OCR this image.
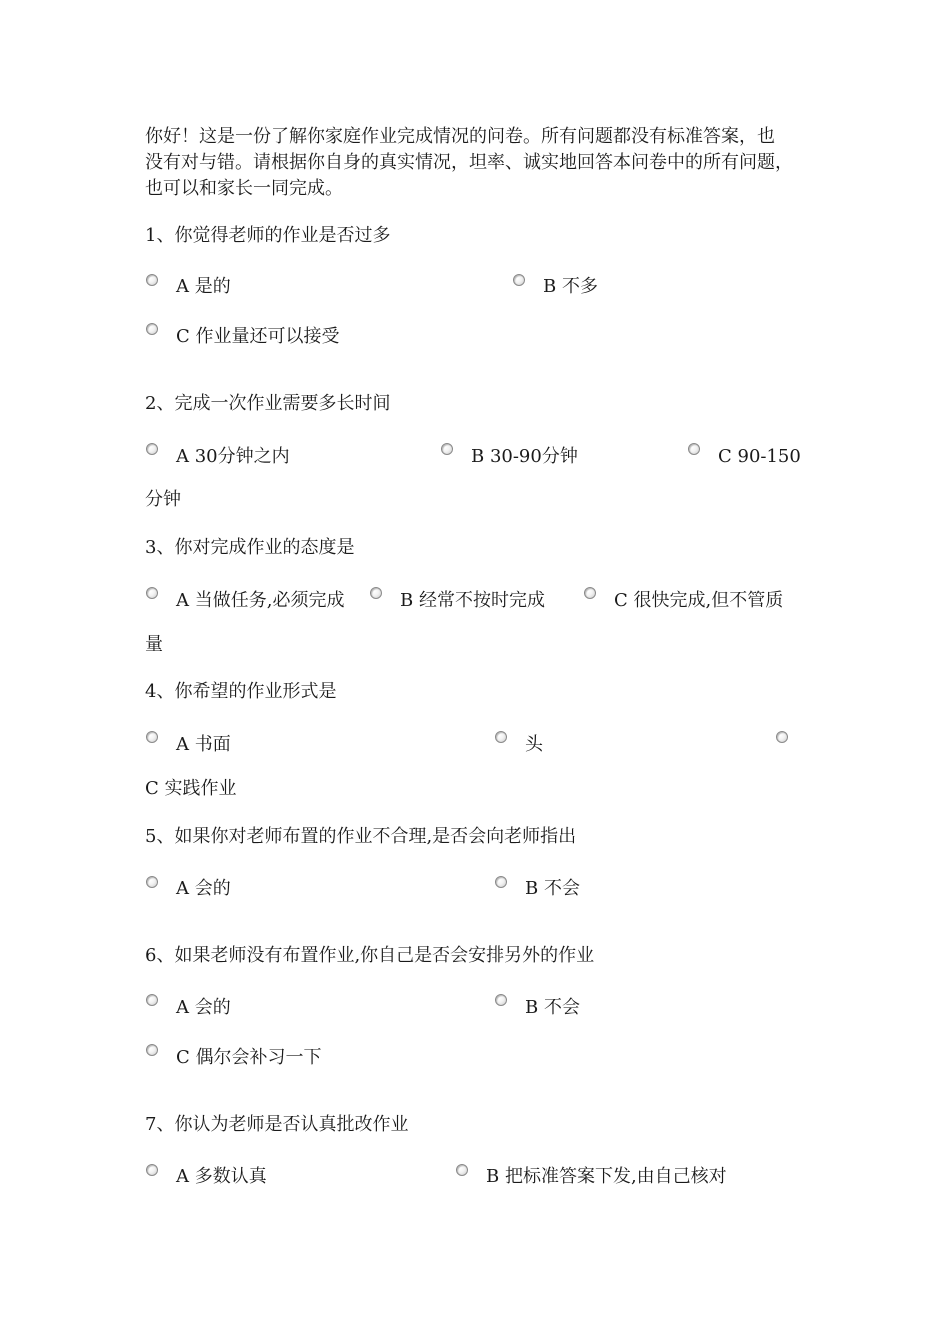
你好！这是一份了解你家庭作业完成情况的问卷。所有问题都没有标准答案，也
没有对与错。请根据你自身的真实情况，坦率、诚实地回答本问卷中的所有问题，
也可以和家长一同完成。
1、你觉得老师的作业是否过多
A 是的	B 不多
C 作业量还可以接受
2、完成一次作业需要多长时间
A 30分钟之内	B 30-90分钟	C 90-150
分钟
3、你对完成作业的态度是
A 当做任务,必须完成	B 经常不按时完成	C 很快完成,但不管质
量
4、你希望的作业形式是
A 书面	头
C 实践作业
5、如果你对老师布置的作业不合理,是否会向老师指出
A 会的	B 不会
6、如果老师没有布置作业,你自己是否会安排另外的作业
A 会的	B 不会
C 偶尔会补习一下
7、你认为老师是否认真批改作业
A 多数认真	B 把标准答案下发,由自己核对
